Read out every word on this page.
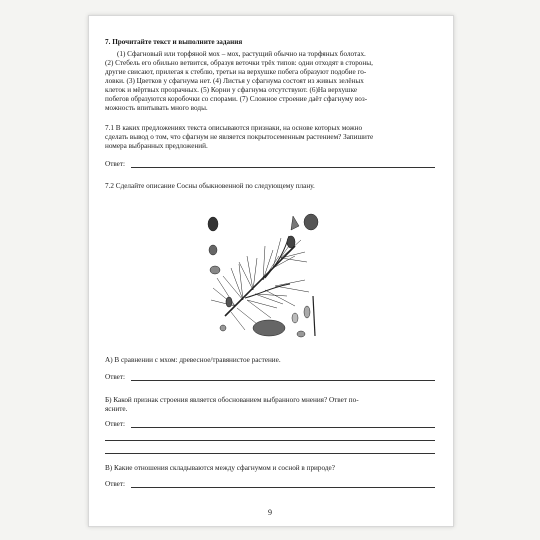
7. Прочитайте текст и выполните задания
(1) Сфагновый или торфяной мох – мох, растущий обычно на торфяных болотах.
(2) Стебель его обильно ветвится, образуя веточки трёх типов: одни отходят в стороны,
другие свисают, прилегая к стеблю, третьи на верхушке побега образуют подобие го-
ловки. (3) Цветков у сфагнума нет. (4) Листья у сфагнума состоят из живых зелёных
клеток и мёртвых прозрачных. (5) Корни у сфагнума отсутствуют. (6)На верхушке
побегов образуются коробочки со спорами. (7) Сложное строение даёт сфагнуму воз-
можность впитывать много воды.
7.1 В каких предложениях текста описываются признаки, на основе которых можно
сделать вывод о том, что сфагнум не является покрытосеменным растением? Запишите
номера выбранных предложений.
Ответ:
7.2 Сделайте описание Сосны обыкновенной по следующему плану.
А) В сравнении с мхом: древесное/травянистое растение.
Ответ:
Б) Какой признак строения является обоснованием выбранного мнения? Ответ по-
ясните.
Ответ:
В) Какие отношения складываются между сфагнумом и сосной в природе?
Ответ:
9
